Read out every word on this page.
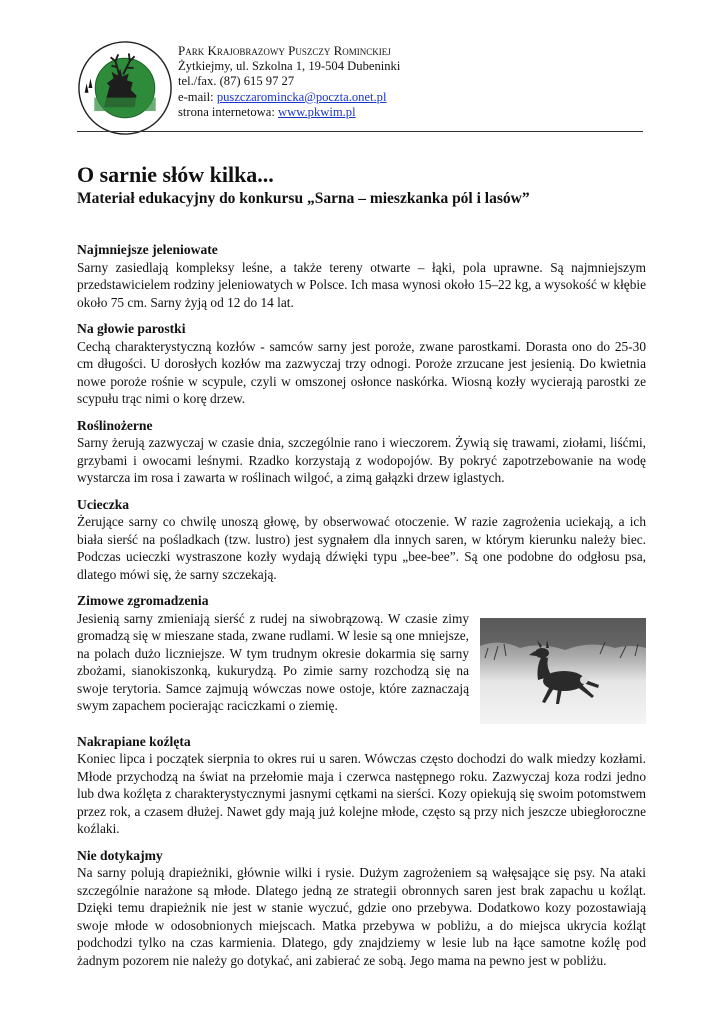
Park Krajobrazowy Puszczy Rominckiej
Żytkiejmy, ul. Szkolna 1, 19-504 Dubeninki
tel./fax. (87) 615 97 27
e-mail: puszczaromincka@poczta.onet.pl
strona internetowa: www.pkwim.pl
O sarnie słów kilka...
Materiał edukacyjny do konkursu „Sarna – mieszkanka pól i lasów”
Najmniejsze jeleniowate

Sarny zasiedlają kompleksy leśne, a także tereny otwarte – łąki, pola uprawne. Są najmniejszym przedstawicielem rodziny jeleniowatych w Polsce. Ich masa wynosi około 15–22 kg, a wysokość w kłębie około 75 cm. Sarny żyją od 12 do 14 lat.

Na głowie parostki

Cechą charakterystyczną kozłów - samców sarny jest poroże, zwane parostkami. Dorasta ono do 25-30 cm długości. U dorosłych kozłów ma zazwyczaj trzy odnogi. Poroże zrzucane jest jesienią. Do kwietnia nowe poroże rośnie w scypule, czyli w omszonej osłonce naskórka. Wiosną kozły wycierają parostki ze scypułu trąc nimi o korę drzew.

Roślinożerne

Sarny żerują zazwyczaj w czasie dnia, szczególnie rano i wieczorem. Żywią się trawami, ziołami, liśćmi, grzybami i owocami leśnymi. Rzadko korzystają z wodopojów. By pokryć zapotrzebowanie na wodę wystarcza im rosa i zawarta w roślinach wilgoć, a zimą gałązki drzew iglastych.

Ucieczka

Żerujące sarny co chwilę unoszą głowę, by obserwować otoczenie. W razie zagrożenia uciekają, a ich biała sierść na pośladkach (tzw. lustro) jest sygnałem dla innych saren, w którym kierunku należy biec. Podczas ucieczki wystraszone kozły wydają dźwięki typu „bee-bee”. Są one podobne do odgłosu psa, dlatego mówi się, że sarny szczekają.

Zimowe zgromadzenia

Jesienią sarny zmieniają sierść z rudej na siwobrązową. W czasie zimy gromadzą się w mieszane stada, zwane rudlami. W lesie są one mniejsze, na polach dużo liczniejsze. W tym trudnym okresie dokarmia się sarny zbożami, sianokiszonką, kukurydzą. Po zimie sarny rozchodzą się na swoje terytoria. Samce zajmują wówczas nowe ostoje, które zaznaczają swym zapachem pocierając raciczkami o ziemię.

Nakrapiane koźlęta

Koniec lipca i początek sierpnia to okres rui u saren. Wówczas często dochodzi do walk miedzy kozłami. Młode przychodzą na świat na przełomie maja i czerwca następnego roku. Zazwyczaj koza rodzi jedno lub dwa koźlęta z charakterystycznymi jasnymi cętkami na sierści. Kozy opiekują się swoim potomstwem przez rok, a czasem dłużej. Nawet gdy mają już kolejne młode, często są przy nich jeszcze ubiegłoroczne koźlaki.

Nie dotykajmy

Na sarny polują drapieżniki, głównie wilki i rysie. Dużym zagrożeniem są wałęsające się psy. Na ataki szczególnie narażone są młode. Dlatego jedną ze strategii obronnych saren jest brak zapachu u koźląt. Dzięki temu drapieżnik nie jest w stanie wyczuć, gdzie ono przebywa. Dodatkowo kozy pozostawiają swoje młode w odosobnionych miejscach. Matka przebywa w pobliżu, a do miejsca ukrycia koźląt podchodzi tylko na czas karmienia. Dlatego, gdy znajdziemy w lesie lub na łące samotne koźlę pod żadnym pozorem nie należy go dotykać, ani zabierać ze sobą. Jego mama na pewno jest w pobliżu.
